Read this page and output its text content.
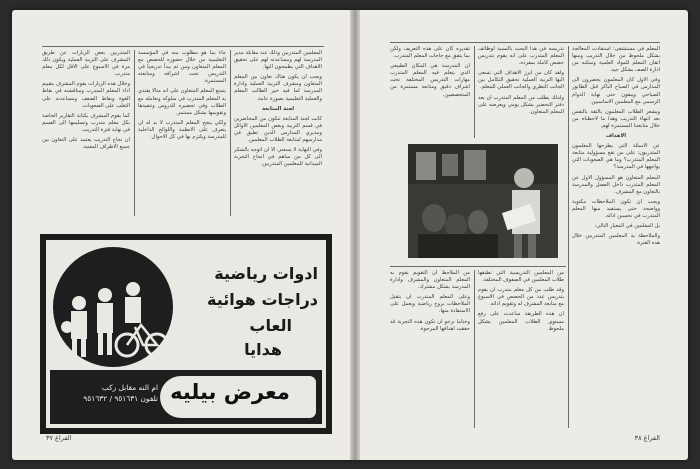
المعلمين المتدربين وذلك عند مقابلة مدير المدرسة لهم ومساعدته لهم على تحقيق الاهداف التي يطمحون اليها.

ويجب ان يكون هناك تعاون بين المعلم المتعاون ومشرف التربية العملية وادارة المدرسة لما فيه خير الطالب المعلم والعملية التعليمية بصورة عامة.

لجنة المتابعة

كانت لجنة المتابعة تتكون من المحاضرين في قسم التربية وبعض المعلمين الاوائل ومديري المدارس الذين تطبق في مدارسهم لمتابعة الطلاب المعلمين.

وفي النهاية لا يسعني الا ان اتوجه بالشكر الى كل من ساهم في انجاح التجربة الميدانية للمعلمين المتدربين.

جاء بما هو مطلوب منه في المؤسسة التعليمية من خلال حضوره للحصص مع المعلم المتعاون ومن ثم يبدأ تدريجيا في التدريس تحت اشرافه ومتابعته المستمرة.

يتمتع المعلم المتعاون على انه مثالا يقتدي به المعلم المتدرب في سلوكه وتعامله مع الطلاب وفي تحضيره للدروس وتنفيذها وتقويمها بشكل مستمر.

ولكي ينجح المعلم المتدرب لا بد له ان يتعرف على الانظمة واللوائح الداخلية للمدرسة ويلتزم بها في كل الاحوال.

المتدربين بعض الزيارات عن طريق المشرف على التربية العملية ويكون ذلك مرة في الاسبوع على الاقل لكل معلم متدرب.

وخلال هذه الزيارات يقوم المشرف بتقييم اداء المعلم المتدرب ومناقشته في نقاط القوة ونقاط الضعف ومساعدته على التغلب على الصعوبات.

كما يقوم المشرف بكتابة التقارير الخاصة بكل معلم متدرب وتسليمها الى القسم في نهاية فترة التدريب.

ان نجاح التدريب يعتمد على التعاون بين جميع الاطراف المعنية.

ادوات رياضية
دراجات هوائية
العاب
هدايا
معرض بيليه
ام النه مقابل ركب
تلفون ٩٥١٦٣١ / ٩٥١٦٣٢
الفراغ ٣٧

المعلم في مستشفى: استفادت المعالجة بشكل ملحوظ من خلال التدريب ومنها اتقان المعلم للمواد العلمية وتمكنه من ادارة الصف بشكل جيد.

وفي الاول كان المعلمون يحضرون الى المدارس في الصباح الباكر قبل الطابور الصباحي ويبقون حتى نهاية الدوام الرسمي مع المعلمين الاساسيين.

ويشعر الطلاب المعلمون بالثقة بالنفس بعد انتهاء التدريب وهذا ما لاحظناه من خلال متابعتنا المستمرة لهم.

الاهداف

عن الاسئلة التي يطرحها المعلمون المتدربون: على من تقع مسؤولية متابعة المعلم المتدرب؟ وما هي الصعوبات التي يواجهها في المدرسة؟

المعلم المتعاون هو المسؤول الاول عن المعلم المتدرب داخل الفصل والمدرسة بالتعاون مع المشرف.

ويجب ان تكون الملاحظات مكتوبة وواضحة حتى يستفيد منها المعلم المتدرب في تحسين ادائه.

بل المعلمين في المعيار التالي:

والملاحظة يد المعلمين المتدربين خلال هذه الفترة.

تدريسه في هذا البحث بالنسبة لوظائف المعلم المتدرب على انه يقوم بتدريس حصص كاملة بمفرده.

ولقد كان من ابرز الاهداف التي تسعى اليها التربية العملية تحقيق التكامل بين الجانب النظري والجانب العملي للمعلم.

ولذلك يطلب من المعلم المتدرب ان يعد دفتر التحضير بشكل يومي ويعرضه على المعلم المتعاون.

تقديره كان على هذه التعريف ولكن بما يتفق مع حاجات المعلم المتدرب.

ان المدرسة هي المكان الطبيعي الذي يتعلم فيه المعلم المتدرب مهارات التدريس المختلفة تحت اشراف دقيق ومتابعة مستمرة من المتخصصين.

من المعلمين التدريسية التي تطبقها طلاب المعلمين في الصفوف المختلفة.

وقد طلب من كل معلم متدرب ان يقوم بتدريس عدد من الحصص في الاسبوع مع متابعة المشرف له وتقويم ادائه.

ان هذه الطريقة ساعدت على رفع مستوى الطلاب المعلمين بشكل ملحوظ.

من الملاحظ ان التقويم يقوم به المعلم المتعاون والمشرف وادارة المدرسة بشكل مشترك.

وعلى المعلم المتدرب ان يتقبل الملاحظات بروح رياضية ويعمل على الاستفادة منها.

وختاما نرجو ان تكون هذه التجربة قد حققت اهدافها المرجوة.

الفراغ ٣٨
